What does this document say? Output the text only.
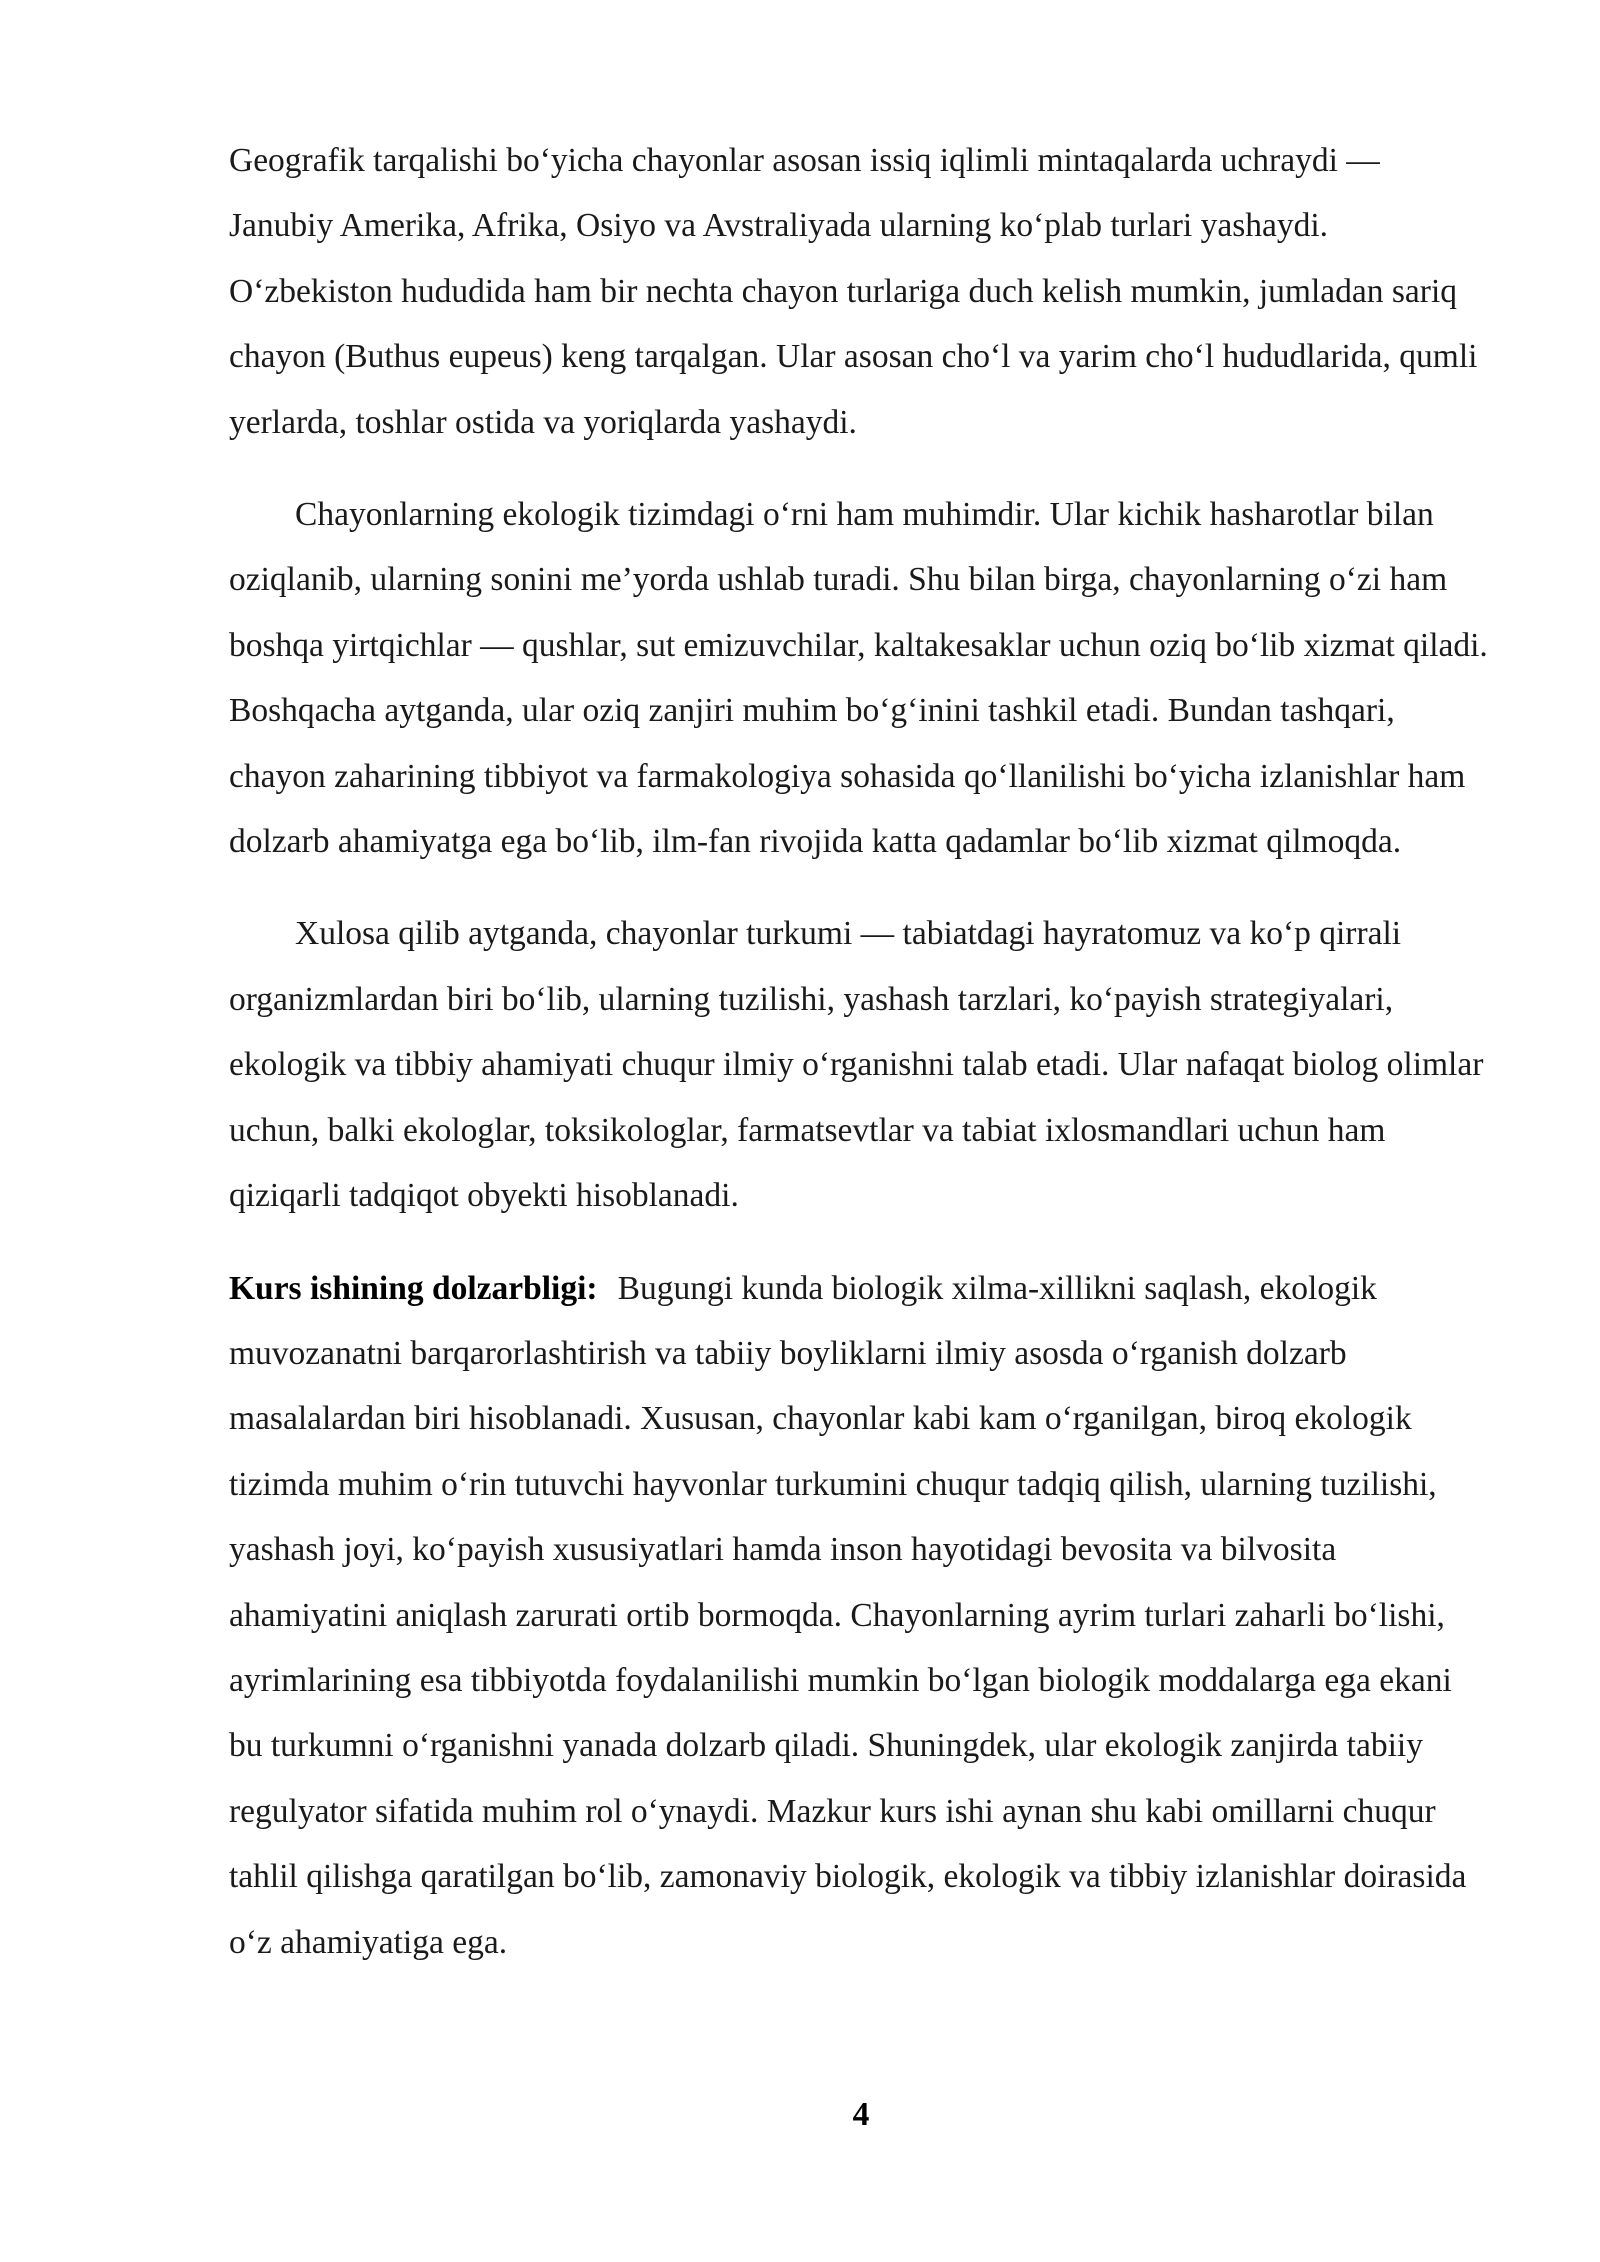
Geografik tarqalishi bo‘yicha chayonlar asosan issiq iqlimli mintaqalarda uchraydi — Janubiy Amerika, Afrika, Osiyo va Avstraliyada ularning ko‘plab turlari yashaydi. O‘zbekiston hududida ham bir nechta chayon turlariga duch kelish mumkin, jumladan sariq chayon (Buthus eupeus) keng tarqalgan. Ular asosan cho‘l va yarim cho‘l hududlarida, qumli yerlarda, toshlar ostida va yoriqlarda yashaydi.

Chayonlarning ekologik tizimdagi o‘rni ham muhimdir. Ular kichik hasharotlar bilan oziqlanib, ularning sonini me’yorda ushlab turadi. Shu bilan birga, chayonlarning o‘zi ham boshqa yirtqichlar — qushlar, sut emizuvchilar, kaltakesaklar uchun oziq bo‘lib xizmat qiladi. Boshqacha aytganda, ular oziq zanjiri muhim bo‘g‘inini tashkil etadi. Bundan tashqari, chayon zaharining tibbiyot va farmakologiya sohasida qo‘llanilishi bo‘yicha izlanishlar ham dolzarb ahamiyatga ega bo‘lib, ilm-fan rivojida katta qadamlar bo‘lib xizmat qilmoqda.

Xulosa qilib aytganda, chayonlar turkumi — tabiatdagi hayratomuz va ko‘p qirrali organizmlardan biri bo‘lib, ularning tuzilishi, yashash tarzlari, ko‘payish strategiyalari, ekologik va tibbiy ahamiyati chuqur ilmiy o‘rganishni talab etadi. Ular nafaqat biolog olimlar uchun, balki ekologlar, toksikologlar, farmatsevtlar va tabiat ixlosmandlari uchun ham qiziqarli tadqiqot obyekti hisoblanadi.

Kurs ishining dolzarbligi: Bugungi kunda biologik xilma-xillikni saqlash, ekologik muvozanatni barqarorlashtirish va tabiiy boyliklarni ilmiy asosda o‘rganish dolzarb masalalardan biri hisoblanadi. Xususan, chayonlar kabi kam o‘rganilgan, biroq ekologik tizimda muhim o‘rin tutuvchi hayvonlar turkumini chuqur tadqiq qilish, ularning tuzilishi, yashash joyi, ko‘payish xususiyatlari hamda inson hayotidagi bevosita va bilvosita ahamiyatini aniqlash zarurati ortib bormoqda. Chayonlarning ayrim turlari zaharli bo‘lishi, ayrimlarining esa tibbiyotda foydalanilishi mumkin bo‘lgan biologik moddalarga ega ekani bu turkumni o‘rganishni yanada dolzarb qiladi. Shuningdek, ular ekologik zanjirda tabiiy regulyator sifatida muhim rol o‘ynaydi. Mazkur kurs ishi aynan shu kabi omillarni chuqur tahlil qilishga qaratilgan bo‘lib, zamonaviy biologik, ekologik va tibbiy izlanishlar doirasida o‘z ahamiyatiga ega.

4
